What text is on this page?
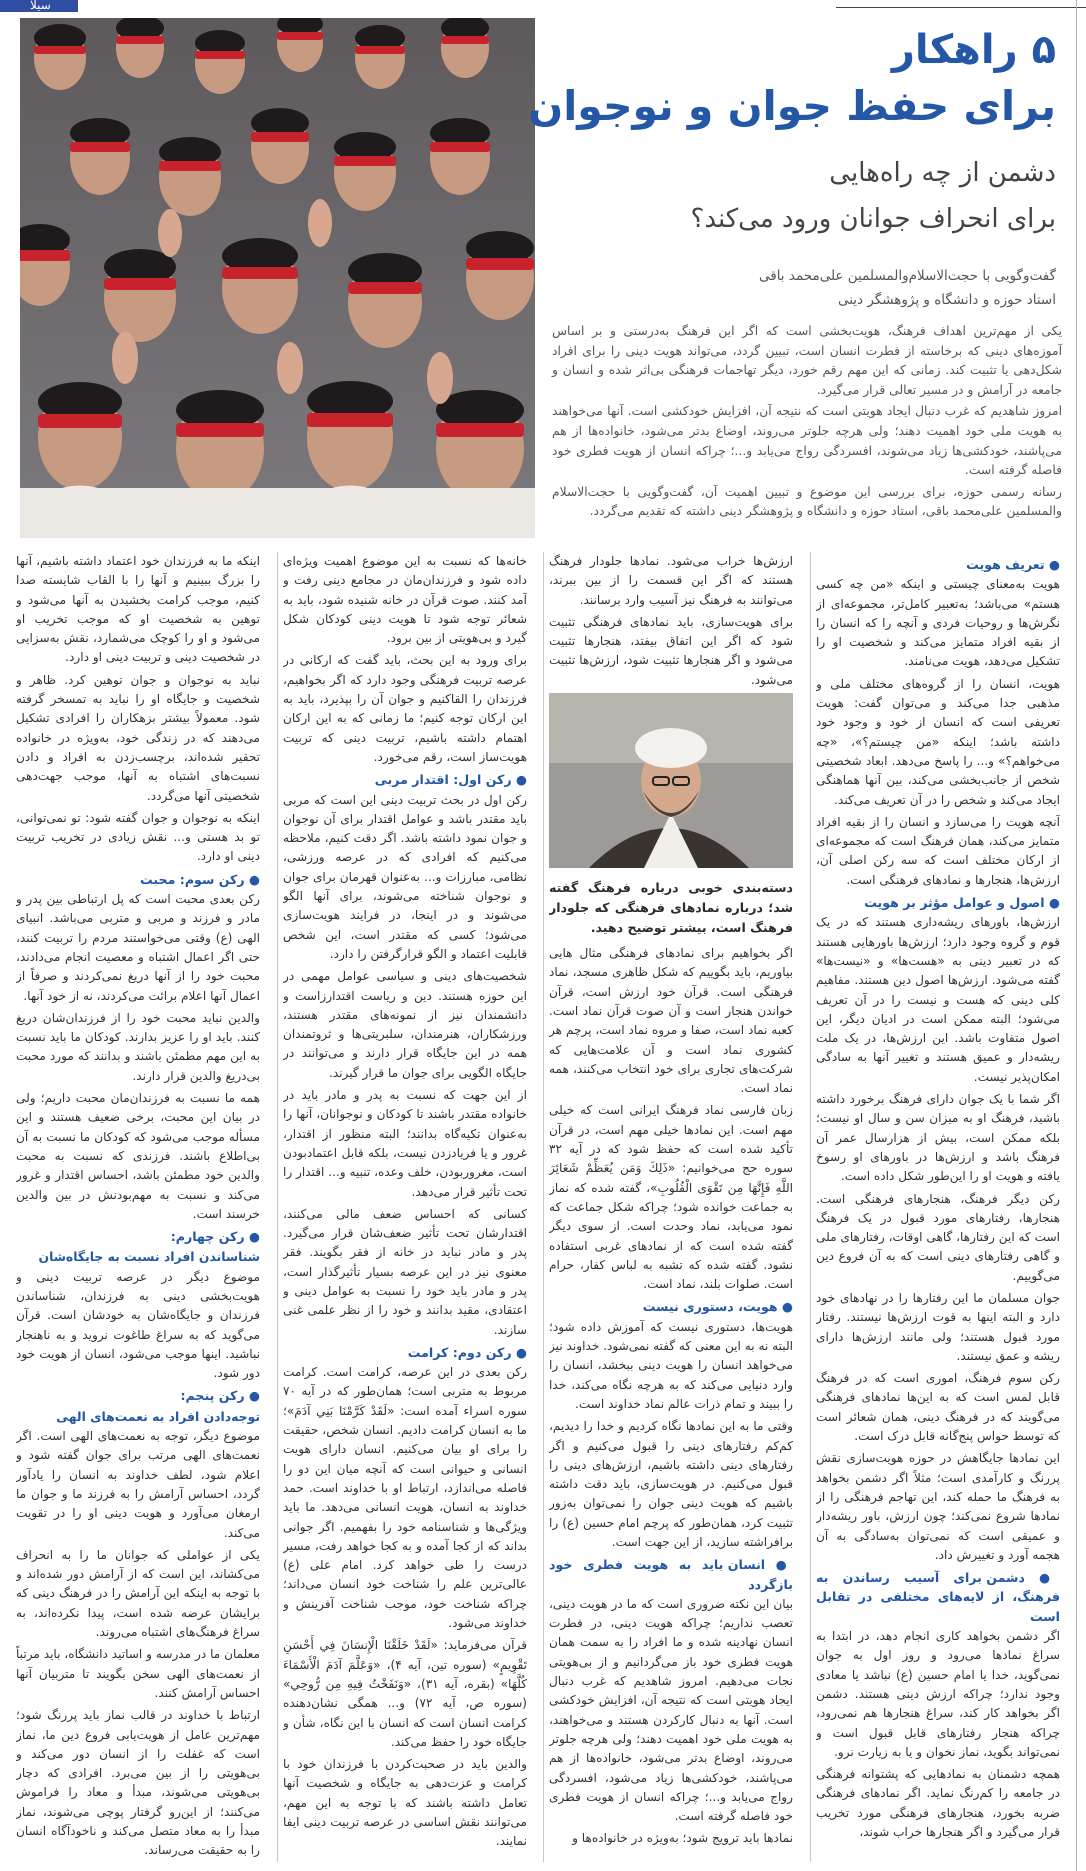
سیلا
۵ راهکار
برای حفظ جوان و نوجوان
دشمن از چه راه‌هایی
برای انحراف جوانان ورود می‌کند؟
گفت‌وگویی با حجت‌الاسلام‌والمسلمین علی‌محمد باقی
استاد حوزه و دانشگاه و پژوهشگر دینی

یکی از مهم‌ترین اهداف فرهنگ، هویت‌بخشی است که اگر این فرهنگ به‌درستی و بر اساس آموزه‌های دینی که برخاسته از فطرت انسان است، تبیین گردد، می‌تواند هویت دینی را برای افراد شکل‌دهی یا تثبیت کند. زمانی که این مهم رقم خورد، دیگر تهاجمات فرهنگی بی‌اثر شده و انسان و جامعه در آرامش و در مسیر تعالی قرار می‌گیرد.

امروز شاهدیم که غرب دنبال ایجاد هویتی است که نتیجه آن، افزایش خودکشی است. آنها می‌خواهند به هویت ملی خود اهمیت دهند؛ ولی هرچه جلوتر می‌روند، اوضاع بدتر می‌شود، خانواده‌ها از هم می‌پاشند، خودکشی‌ها زیاد می‌شوند، افسردگی رواج می‌یابد و...؛ چراکه انسان از هویت فطری خود فاصله گرفته است.

رسانه رسمی حوزه، برای بررسی این موضوع و تبیین اهمیت آن، گفت‌وگویی با حجت‌الاسلام والمسلمین علی‌محمد باقی، استاد حوزه و دانشگاه و پژوهشگر دینی داشته که تقدیم می‌گردد.

● تعریف هویت

هویت به‌معنای چیستی و اینکه «من چه کسی هستم» می‌باشد؛ به‌تعبیر کامل‌تر، مجموعه‌ای از نگرش‌ها و روحیات فردی و آنچه را که انسان را از بقیه افراد متمایز می‌کند و شخصیت او را تشکیل می‌دهد، هویت می‌نامند.

هویت، انسان را از گروه‌های مختلف ملی و مذهبی جدا می‌کند و می‌توان گفت: هویت تعریفی است که انسان از خود و وجود خود داشته باشد؛ اینکه «من چیستم؟»، «چه می‌خواهم؟» و... را پاسخ می‌دهد. ابعاد شخصیتی شخص از جانب‌بخشی می‌کند، بین آنها هماهنگی ایجاد می‌کند و شخص را در آن تعریف می‌کند.

آنچه هویت را می‌سازد و انسان را از بقیه افراد متمایز می‌کند، همان فرهنگ است که مجموعه‌ای از ارکان مختلف است که سه رکن اصلی آن، ارزش‌ها، هنجارها و نمادهای فرهنگی است.

● اصول و عوامل مؤثر بر هویت

ارزش‌ها، باورهای ریشه‌داری هستند که در یک قوم و گروه وجود دارد؛ ارزش‌ها باورهایی هستند که در تعبیر دینی به «هست‌ها» و «نیست‌ها» گفته می‌شود. ارزش‌ها اصول دین هستند. مفاهیم کلی دینی که هست و نیست را در آن تعریف می‌شود؛ البته ممکن است در ادیان دیگر، این اصول متفاوت باشد. این ارزش‌ها، در یک ملت ریشه‌دار و عمیق هستند و تغییر آنها به سادگی امکان‌پذیر نیست.

اگر شما با یک جوان دارای فرهنگ برخورد داشته باشید، فرهنگ او به میزان سن و سال او نیست؛ بلکه ممکن است، بیش از هزارسال عمر آن فرهنگ باشد و ارزش‌ها در باورهای او رسوخ یافته و هویت او را این‌طور شکل داده است.

رکن دیگر فرهنگ، هنجارهای فرهنگی است. هنجارها، رفتارهای مورد قبول در یک فرهنگ است که این رفتارها، گاهی اوقات، رفتارهای ملی و گاهی رفتارهای دینی است که به آن فروع دین می‌گوییم.

جوان مسلمان ما این رفتارها را در نهادهای خود دارد و البته اینها به قوت ارزش‌ها نیستند. رفتار مورد قبول هستند؛ ولی مانند ارزش‌ها دارای ریشه و عمق نیستند.

رکن سوم فرهنگ، اموری است که در فرهنگ قابل لمس است که به این‌ها نمادهای فرهنگی می‌گویند که در فرهنگ دینی، همان شعائر است که توسط حواس پنج‌گانه قابل درک است.

این نمادها جایگاهش در حوزه هویت‌سازی نقش پررنگ و کارآمدی است؛ مثلاً اگر دشمن بخواهد به فرهنگ ما حمله کند، این تهاجم فرهنگی را از نمادها شروع نمی‌کند؛ چون ارزش، باور ریشه‌دار و عمیقی است که نمی‌توان به‌سادگی به آن هجمه آورد و تغییرش داد.

● دشمن برای آسیب رساندن به فرهنگ، از لایه‌های مختلفی در تقابل است

اگر دشمن بخواهد کاری انجام دهد، در ابتدا به سراغ نمادها می‌رود و روز اول به جوان نمی‌گوید، خدا یا امام حسین (ع) نباشد یا معادی وجود ندارد؛ چراکه ارزش دینی هستند. دشمن اگر بخواهد کار کند، سراغ هنجارها هم نمی‌رود، چراکه هنجار رفتارهای قابل قبول است و نمی‌تواند بگوید، نماز نخوان و یا به زیارت نرو.

همچه دشمنان به نمادهایی که پشتوانه فرهنگی در جامعه را کم‌رنگ نماید. اگر نمادهای فرهنگی ضربه بخورد، هنجارهای فرهنگی مورد تخریب قرار می‌گیرد و اگر هنجارها خراب شوند،

ارزش‌ها خراب می‌شود. نمادها جلودار فرهنگ هستند که اگر این قسمت را از بین ببرند، می‌توانند به فرهنگ نیز آسیب وارد برسانند.

برای هویت‌سازی، باید نمادهای فرهنگی تثبیت شود که اگر این اتفاق بیفتد، هنجارها تثبیت می‌شود و اگر هنجارها تثبیت شود، ارزش‌ها تثبیت می‌شود.

دسته‌بندی خوبی درباره فرهنگ گفته شد؛ درباره نمادهای فرهنگی که جلودار فرهنگ است، بیشتر توضیح دهید.

اگر بخواهیم برای نمادهای فرهنگی مثال هایی بیاوریم، باید بگوییم که شکل ظاهری مسجد، نماد فرهنگی است. قرآن خود ارزش است، قرآن خواندن هنجار است و آن صوت قرآن نماد است. کعبه نماد است، صفا و مروه نماد است، پرچم هر کشوری نماد است و آن علامت‌هایی که شرکت‌های تجاری برای خود انتخاب می‌کنند، همه نماد است.

زبان فارسی نماد فرهنگ ایرانی است که خیلی مهم است. این نمادها خیلی مهم است، در قرآن تأکید شده است که حفظ شود که در آیه ۳۲ سوره حج می‌خوانیم: «ذَلِكَ وَمَن يُعَظِّمْ شَعَائِرَ اللَّهِ فَإِنَّهَا مِن تَقْوَى الْقُلُوبِ»، گفته شده که نماز به جماعت خوانده شود؛ چراکه شکل جماعت که نمود می‌یابد، نماد وحدت است. از سوی دیگر گفته شده است که از نمادهای غربی استفاده نشود. گفته شده که تشبه به لباس کفار، حرام است. صلوات بلند، نماد است.

● هویت، دستوری نیست

هویت‌ها، دستوری نیست که آموزش داده شود؛ البته نه به این معنی که گفته نمی‌شود. خداوند نیز می‌خواهد انسان را هویت دینی ببخشد، انسان را وارد دنیایی می‌کند که به هرچه نگاه می‌کند، خدا را ببیند و تمام ذرات عالم نماد خداوند است.

وقتی ما به این نمادها نگاه کردیم و خدا را دیدیم، کم‌کم رفتارهای دینی را قبول می‌کنیم و اگر رفتارهای دینی داشته باشیم، ارزش‌های دینی را قبول می‌کنیم. در هویت‌سازی، باید دقت داشته باشیم که هویت دینی جوان را نمی‌توان به‌زور تثبیت کرد، همان‌طور که پرچم امام حسین (ع) را برافراشته سازید، از این جهت است.

● انسان باید به هویت فطری خود بازگردد

بیان این نکته ضروری است که ما در هویت دینی، تعصب نداریم؛ چراکه هویت دینی، در فطرت انسان نهادینه شده و ما افراد را به سمت همان هویت فطری خود باز می‌گردانیم و از بی‌هویتی نجات می‌دهیم. امروز شاهدیم که غرب دنبال ایجاد هویتی است که نتیجه آن، افزایش خودکشی است. آنها به دنبال کارکردن هستند و می‌خواهند، به هویت ملی خود اهمیت دهند؛ ولی هرچه جلوتر می‌روند، اوضاع بدتر می‌شود، خانواده‌ها از هم می‌پاشند، خودکشی‌ها زیاد می‌شود، افسردگی رواج می‌یابد و...؛ چراکه انسان از هویت فطری خود فاصله گرفته است.

نمادها باید ترویج شود؛ به‌ویژه در خانواده‌ها و

خانه‌ها که نسبت به این موضوع اهمیت ویژه‌ای داده شود و فرزندان‌مان در مجامع دینی رفت و آمد کنند. صوت قرآن در خانه شنیده شود، باید به شعائر توجه شود تا هویت دینی کودکان شکل گیرد و بی‌هویتی از بین برود.

برای ورود به این بحث، باید گفت که ارکانی در عرصه تربیت فرهنگی وجود دارد که اگر بخواهیم، فرزندان را القاکنیم و جوان آن را بپذیرد، باید به این ارکان توجه کنیم؛ ما زمانی که به این ارکان اهتمام داشته باشیم، تربیت دینی که تربیت هویت‌ساز است، رقم می‌خورد.

● رکن اول: اقتدار مربی

رکن اول در بحث تربیت دینی این است که مربی باید مقتدر باشد و عوامل اقتدار برای آن نوجوان و جوان نمود داشته باشد. اگر دقت کنیم، ملاحظه می‌کنیم که افرادی که در عرصه ورزشی، نظامی، مبارزات و... به‌عنوان قهرمان برای جوان و نوجوان شناخته می‌شوند، برای آنها الگو می‌شوند و در اینجا، در فرایند هویت‌سازی می‌شود؛ کسی که مقتدر است، این شخص قابلیت اعتماد و الگو قرارگرفتن را دارد.

شخصیت‌های دینی و سیاسی عوامل مهمی در این حوزه هستند. دین و ریاست اقتدارزاست و دانشمندان نیز از نمونه‌های مقتدر هستند، ورزشکاران، هنرمندان، سلبریتی‌ها و ثروتمندان همه در این جایگاه قرار دارند و می‌توانند در جایگاه الگویی برای جوان ما قرار گیرند.

از این جهت که نسبت به پدر و مادر باید در خانواده مقتدر باشند تا کودکان و نوجوانان، آنها را به‌عنوان تکیه‌گاه بدانند؛ البته منظور از اقتدار، غرور و یا فریادزدن نیست، بلکه قابل اعتمادبودن است، مغروربودن، خلف وعده، تنبیه و... اقتدار را تحت تأثیر قرار می‌دهد.

کسانی که احساس ضعف مالی می‌کنند، اقتدارشان تحت تأثیر ضعف‌شان قرار می‌گیرد. پدر و مادر نباید در خانه از فقر بگویند. فقر معنوی نیز در این عرصه بسیار تأثیرگذار است، پدر و مادر باید خود را نسبت به عوامل دینی و اعتقادی، مقید بدانند و خود را از نظر علمی غنی سازند.

● رکن دوم: کرامت

رکن بعدی در این عرصه، کرامت است. کرامت مربوط به متربی است؛ همان‌طور که در آیه ۷۰ سوره اسراء آمده است: «لَقَدْ كَرَّمْنَا بَنِي آدَمَ»؛ ما به انسان کرامت دادیم. انسان شخص، حقیقت را برای او بیان می‌کنیم. انسان دارای هویت انسانی و حیوانی است که آنچه میان این دو را فاصله می‌اندازد، ارتباط او با خداوند است. حمد خداوند به انسان، هویت انسانی می‌دهد. ما باید ویژگی‌ها و شناسنامه خود را بفهمیم. اگر جوانی بداند که از کجا آمده و به کجا خواهد رفت، مسیر درست را طی خواهد کرد. امام علی (ع) عالی‌ترین علم را شناخت خود انسان می‌داند؛ چراکه شناخت خود، موجب شناخت آفرینش و خداوند می‌شود.

قرآن می‌فرماید: «لَقَدْ خَلَقْنَا الْإِنسَانَ فِي أَحْسَنِ تَقْوِيمٍ» (سوره تین، آیه ۴)، «وَعَلَّمَ آدَمَ الْأَسْمَاءَ كُلَّهَا» (بقره، آیه ۳۱)، «وَنَفَخْتُ فِيهِ مِن رُّوحِي» (سوره ص، آیه ۷۲) و... همگی نشان‌دهنده کرامت انسان است که انسان با این نگاه، شأن و جایگاه خود را حفظ می‌کند.

والدین باید در صحبت‌کردن با فرزندان خود با کرامت و عزت‌دهی به جایگاه و شخصیت آنها تعامل داشته باشند که با توجه به این مهم، می‌توانند نقش اساسی در عرصه تربیت دینی ایفا نمایند.

اینکه ما به فرزندان خود اعتماد داشته باشیم، آنها را بزرگ ببینیم و آنها را با القاب شایسته صدا کنیم، موجب کرامت بخشیدن به آنها می‌شود و توهین به شخصیت او که موجب تخریب او می‌شود و او را کوچک می‌شمارد، نقش به‌سزایی در شخصیت دینی و تربیت دینی او دارد.

نباید به نوجوان و جوان توهین کرد. ظاهر و شخصیت و جایگاه او را نباید به تمسخر گرفته شود. معمولاً بیشتر بزهکاران را افرادی تشکیل می‌دهند که در زندگی خود، به‌ویژه در خانواده تحقیر شده‌اند، برچسب‌زدن به افراد و دادن نسبت‌های اشتباه به آنها، موجب جهت‌دهی شخصیتی آنها می‌گردد.

اینکه به نوجوان و جوان گفته شود: تو نمی‌توانی، تو بد هستی و... نقش زیادی در تخریب تربیت دینی او دارد.

● رکن سوم: محبت

رکن بعدی محبت است که پل ارتباطی بین پدر و مادر و فرزند و مربی و متربی می‌باشد. انبیای الهی (ع) وقتی می‌خواستند مردم را تربیت کنند، حتی اگر اعمال اشتباه و معصیت انجام می‌دادند، محبت خود را از آنها دریغ نمی‌کردند و صرفاً از اعمال آنها اعلام برائت می‌کردند، نه از خود آنها.

والدین نباید محبت خود را از فرزندان‌شان دریغ کنند. باید او را عزیز بدارند. کودکان ما باید نسبت به این مهم مطمئن باشند و بدانند که مورد محبت بی‌دریغ والدین قرار دارند.

همه ما نسبت به فرزندان‌مان محبت داریم؛ ولی در بیان این محبت، برخی ضعیف هستند و این مسأله موجب می‌شود که کودکان ما نسبت به آن بی‌اطلاع باشند. فرزندی که نسبت به محبت والدین خود مطمئن باشد، احساس اقتدار و غرور می‌کند و نسبت به مهم‌بودنش در بین والدین خرسند است.

● رکن چهارم:
شناساندن افراد نسبت به جایگاه‌شان

موضوع دیگر در عرصه تربیت دینی و هویت‌بخشی دینی به فرزندان، شناساندن فرزندان و جایگاه‌شان به خودشان است. قرآن می‌گوید که به سراغ طاغوت نروید و به ناهنجار نباشید. اینها موجب می‌شود، انسان از هویت خود دور شود.

● رکن پنجم:
توجه‌دادن افراد به نعمت‌های الهی

موضوع دیگر، توجه به نعمت‌های الهی است. اگر نعمت‌های الهی مرتب برای جوان گفته شود و اعلام شود، لطف خداوند به انسان را یادآور گردد، احساس آرامش را به فرزند ما و جوان ما ارمغان می‌آورد و هویت دینی او را در تقویت می‌کند.

یکی از عواملی که جوانان ما را به انحراف می‌کشاند، این است که از آرامش دور شده‌اند و با توجه به اینکه این آرامش را در فرهنگ دینی که برایشان عرضه شده است، پیدا نکرده‌اند، به سراغ فرهنگ‌های اشتباه می‌روند.

معلمان ما در مدرسه و اساتید دانشگاه، باید مرتباً از نعمت‌های الهی سخن بگویند تا متربیان آنها احساس آرامش کنند.

ارتباط با خداوند در قالب نماز باید پررنگ شود؛ مهم‌ترین عامل از هویت‌یابی فروع دین ما، نماز است که غفلت را از انسان دور می‌کند و بی‌هویتی را از بین می‌برد. افرادی که دچار بی‌هویتی می‌شوند، مبدأ و معاد را فراموش می‌کنند؛ از این‌رو گرفتار پوچی می‌شوند، نماز مبدأ را به معاد متصل می‌کند و ناخودآگاه انسان را به حقیقت می‌رساند.
